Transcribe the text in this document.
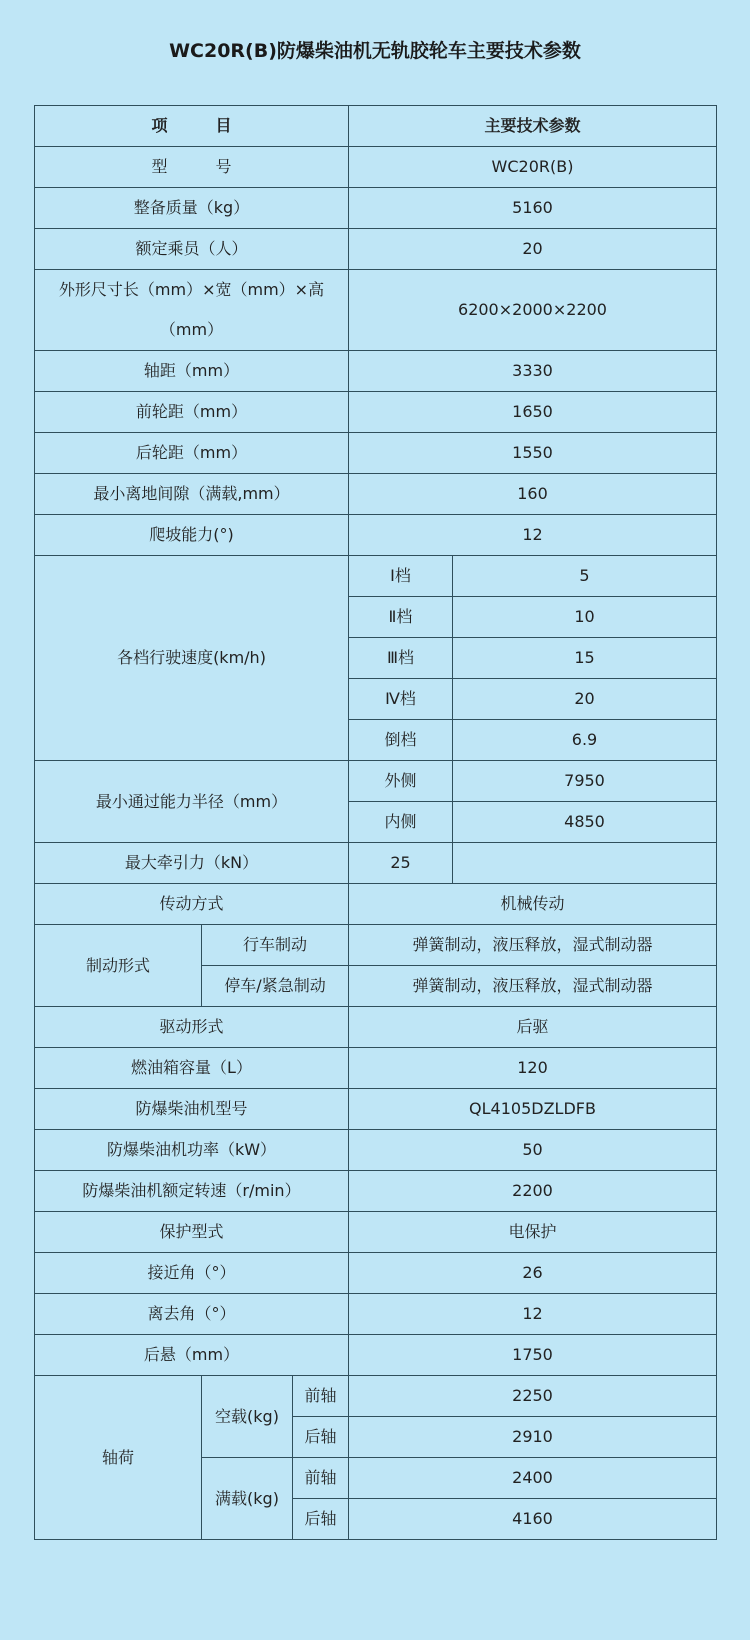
WC20R(B)防爆柴油机无轨胶轮车主要技术参数
项　　　目			主要技术参数	
型　　　号			WC20R(B)	
整备质量（kg）			5160	
额定乘员（人）			20	
外形尺寸长（mm）×宽（mm）×高（mm）			6200×2000×2200	
轴距（mm）			3330	
前轮距（mm）			1650	
后轮距（mm）			1550	
最小离地间隙（满载,mm）			160	
爬坡能力(°)			12	
各档行驶速度(km/h)			Ⅰ档	5
			Ⅱ档	10
			Ⅲ档	15
			Ⅳ档	20
			倒档	6.9
最小通过能力半径（mm）			外侧	7950
			内侧	4850
最大牵引力（kN）			25	
传动方式			机械传动	
制动形式	行车制动		弹簧制动，液压释放，湿式制动器	
	停车/紧急制动		弹簧制动，液压释放，湿式制动器	
驱动形式			后驱	
燃油箱容量（L）			120	
防爆柴油机型号			QL4105DZLDFB	
防爆柴油机功率（kW）			50	
防爆柴油机额定转速（r/min）			2200	
保护型式			电保护	
接近角（°）			26	
离去角（°）			12	
后悬（mm）			1750	
轴荷	空载(kg)	前轴	2250	
		后轴	2910	
	满载(kg)	前轴	2400	
		后轴	4160	
